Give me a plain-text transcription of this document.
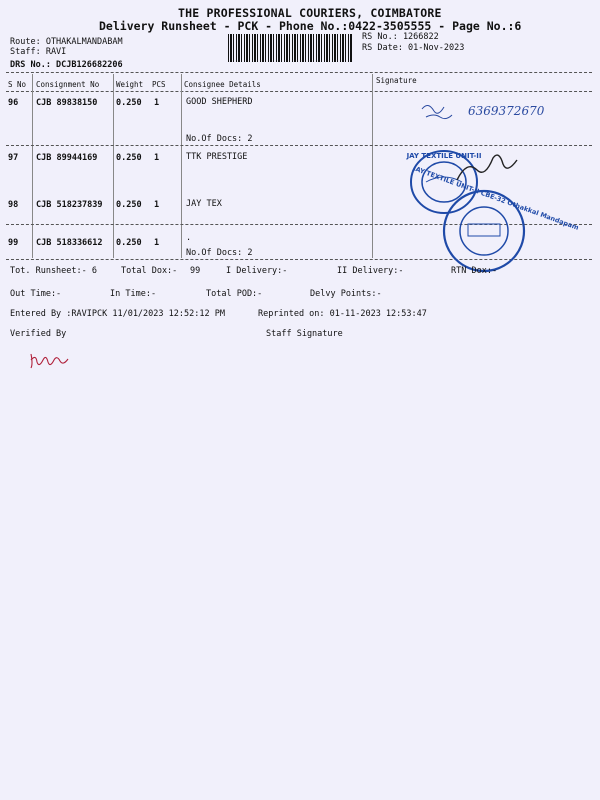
THE PROFESSIONAL COURIERS, COIMBATORE
Delivery Runsheet - PCK - Phone No.:0422-3505555 - Page No.:6
Route: OTHAKALMANDABAM
Staff: RAVI
DRS No.: DCJB126682206
RS No.: 1266822
RS Date: 01-Nov-2023
S No Consignment No Weight PCS Consignee Details	Signature
96 CJB 89838150 0.250 1	GOOD SHEPHERD
No.Of Docs: 2
97 CJB 89944169 0.250 1	TTK PRESTIGE
98 CJB 518237839 0.250 1	JAY TEX
99 CJB 518336612 0.250 1	.
No.Of Docs: 2
6369372670
JAY TEXTILE UNIT-II
JAY TEXTILE UNIT-II CBE-32 Othakkal Mandapam
Tot. Runsheet:- 6	Total Dox:- 99	I Delivery:-	II Delivery:-	RTN Dox:-
Out Time:-	In Time:-	Total POD:-	Delvy Points:-
Entered By :RAVIPCK 11/01/2023 12:52:12 PM	Reprinted on: 01-11-2023 12:53:47
Verified By	Staff Signature
